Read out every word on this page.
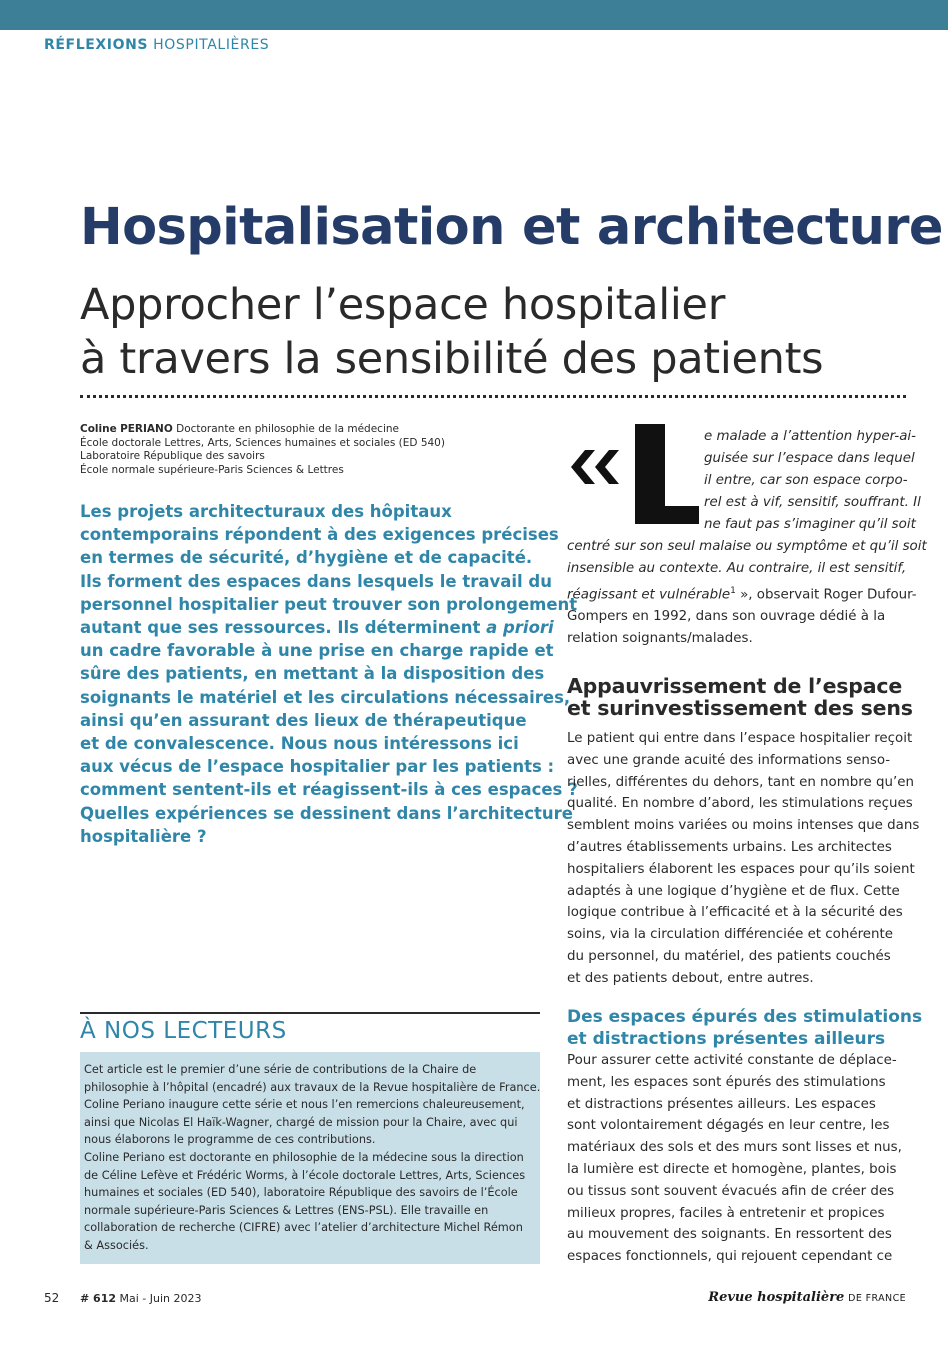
RÉFLEXIONS HOSPITALIÈRES
Hospitalisation et architecture
Approcher l’espace hospitalier
à travers la sensibilité des patients
Coline PERIANO Doctorante en philosophie de la médecine
École doctorale Lettres, Arts, Sciences humaines et sociales (ED 540)
Laboratoire République des savoirs
École normale supérieure-Paris Sciences & Lettres
Les projets architecturaux des hôpitaux
contemporains répondent à des exigences précises
en termes de sécurité, d’hygiène et de capacité.
Ils forment des espaces dans lesquels le travail du
personnel hospitalier peut trouver son prolongement
autant que ses ressources. Ils déterminent a priori
un cadre favorable à une prise en charge rapide et
sûre des patients, en mettant à la disposition des
soignants le matériel et les circulations nécessaires,
ainsi qu’en assurant des lieux de thérapeutique
et de convalescence. Nous nous intéressons ici
aux vécus de l’espace hospitalier par les patients :
comment sentent-ils et réagissent-ils à ces espaces ?
Quelles expériences se dessinent dans l’architecture
hospitalière ?
À NOS LECTEURS
Cet article est le premier d’une série de contributions de la Chaire de
philosophie à l’hôpital (encadré) aux travaux de la Revue hospitalière de France.
Coline Periano inaugure cette série et nous l’en remercions chaleureusement,
ainsi que Nicolas El Haïk-Wagner, chargé de mission pour la Chaire, avec qui
nous élaborons le programme de ces contributions.
Coline Periano est doctorante en philosophie de la médecine sous la direction
de Céline Lefève et Frédéric Worms, à l’école doctorale Lettres, Arts, Sciences
humaines et sociales (ED 540), laboratoire République des savoirs de l’École
normale supérieure-Paris Sciences & Lettres (ENS-PSL). Elle travaille en
collaboration de recherche (CIFRE) avec l’atelier d’architecture Michel Rémon
& Associés.
e malade a l’attention hyper-ai-
guisée sur l’espace dans lequel
il entre, car son espace corpo-
rel est à vif, sensitif, souffrant. Il
ne faut pas s’imaginer qu’il soit
centré sur son seul malaise ou symptôme et qu’il soit
insensible au contexte. Au contraire, il est sensitif,
réagissant et vulnérable$^1$ », observait Roger Dufour-
Gompers en 1992, dans son ouvrage dédié à la
relation soignants/malades.
Appauvrissement de l’espace
et surinvestissement des sens
Le patient qui entre dans l’espace hospitalier reçoit
avec une grande acuité des informations senso-
rielles, différentes du dehors, tant en nombre qu’en
qualité. En nombre d’abord, les stimulations reçues
semblent moins variées ou moins intenses que dans
d’autres établissements urbains. Les architectes
hospitaliers élaborent les espaces pour qu’ils soient
adaptés à une logique d’hygiène et de flux. Cette
logique contribue à l’efficacité et à la sécurité des
soins, via la circulation différenciée et cohérente
du personnel, du matériel, des patients couchés
et des patients debout, entre autres.
Des espaces épurés des stimulations
et distractions présentes ailleurs
Pour assurer cette activité constante de déplace-
ment, les espaces sont épurés des stimulations
et distractions présentes ailleurs. Les espaces
sont volontairement dégagés en leur centre, les
matériaux des sols et des murs sont lisses et nus,
la lumière est directe et homogène, plantes, bois
ou tissus sont souvent évacués afin de créer des
milieux propres, faciles à entretenir et propices
au mouvement des soignants. En ressortent des
espaces fonctionnels, qui rejouent cependant ce
52 # 612 Mai - Juin 2023	Revue hospitalière DE FRANCE
